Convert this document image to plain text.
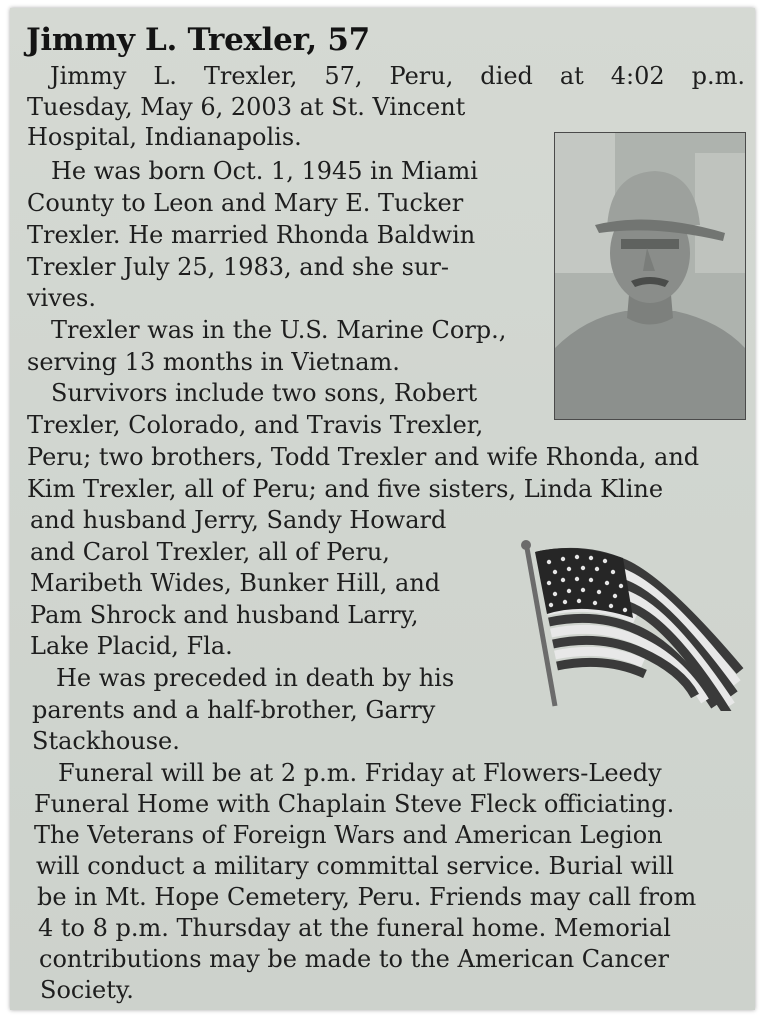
Jimmy L. Trexler, 57
Jimmy L. Trexler, 57, Peru, died at 4:02 p.m.
Tuesday, May 6, 2003 at St. Vincent
Hospital, Indianapolis.
He was born Oct. 1, 1945 in Miami
County to Leon and Mary E. Tucker
Trexler. He married Rhonda Baldwin
Trexler July 25, 1983, and she sur-
vives.
Trexler was in the U.S. Marine Corp.,
serving 13 months in Vietnam.
Survivors include two sons, Robert
Trexler, Colorado, and Travis Trexler,
Peru; two brothers, Todd Trexler and wife Rhonda, and
Kim Trexler, all of Peru; and five sisters, Linda Kline
and husband Jerry, Sandy Howard
and Carol Trexler, all of Peru,
Maribeth Wides, Bunker Hill, and
Pam Shrock and husband Larry,
Lake Placid, Fla.
He was preceded in death by his
parents and a half-brother, Garry
Stackhouse.
Funeral will be at 2 p.m. Friday at Flowers-Leedy
Funeral Home with Chaplain Steve Fleck officiating.
The Veterans of Foreign Wars and American Legion
will conduct a military committal service. Burial will
be in Mt. Hope Cemetery, Peru. Friends may call from
4 to 8 p.m. Thursday at the funeral home. Memorial
contributions may be made to the American Cancer
Society.
